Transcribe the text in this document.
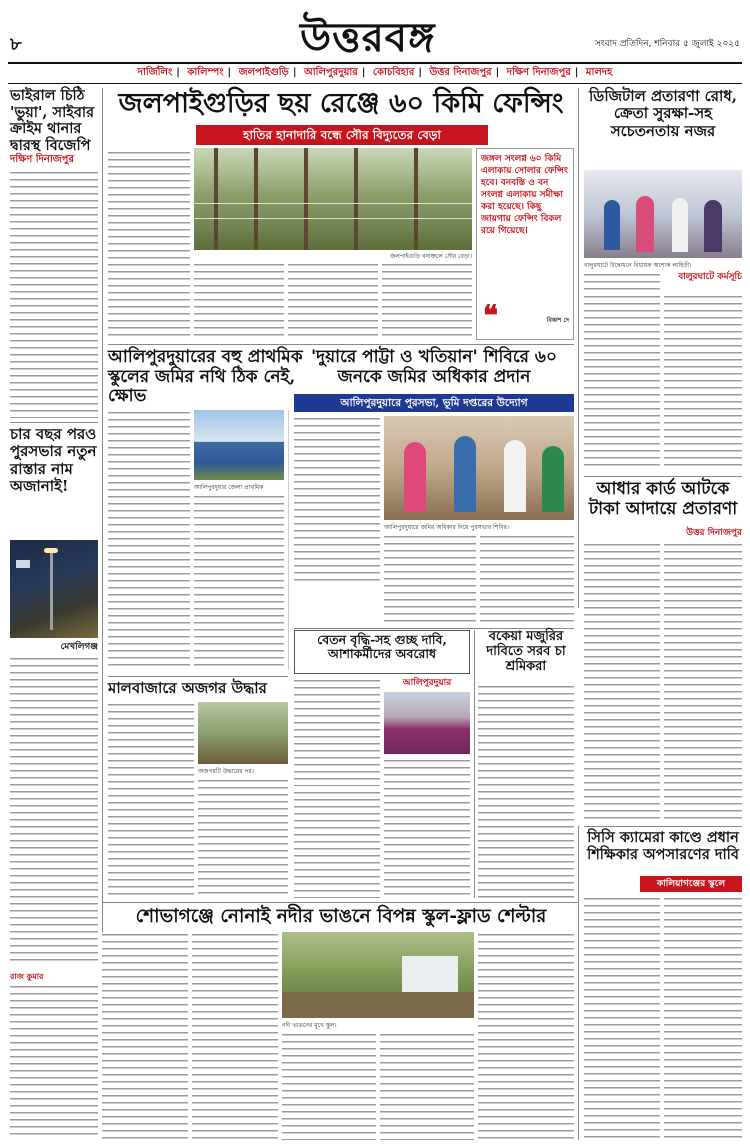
৮	উত্তরবঙ্গ	সংবাদ প্রতিদিন, শনিবার ৫ জুলাই ২০২৫
দার্জিলিং | কালিম্পং | জলপাইগুড়ি | আলিপুরদুয়ার | কোচবিহার | উত্তর দিনাজপুর | দক্ষিণ দিনাজপুর | মালদহ
ভাইরাল চিঠি 'ভুয়া', সাইবার ক্রাইম থানার দ্বারস্থ বিজেপি
দক্ষিণ দিনাজপুর
চার বছর পরও পুরসভার নতুন রাস্তার নাম অজানাই!
মেখলিগঞ্জ
জলপাইগুড়ির ছয় রেঞ্জে ৬০ কিমি ফেন্সিং
হাতির হানাদারি বন্ধে সৌর বিদ্যুতের বেড়া
জলপাইগুড়ি বনাঞ্চলে সৌর বেড়া।
জঙ্গল সংলগ্ন ৬০ কিমি এলাকায় সোলার ফেন্সিং হবে। বনবস্তি ও বন সংলগ্ন এলাকায় সমীক্ষা করা হয়েছে। কিছু জায়গায় ফেন্সিং বিকল রয়ে গিয়েছে।
❝	বিকাশ দে
ডিজিটাল প্রতারণা রোধ, ক্রেতা সুরক্ষা-সহ সচেতনতায় নজর
বালুরঘাটে উদ্বোধনে বিধায়ক অশোক লাহিড়ী।
বালুরঘাটে কর্মসূচি
আলিপুরদুয়ারের বহু প্রাথমিক স্কুলের জমির নথি ঠিক নেই, ক্ষোভ
আলিপুরদুয়ার জেলা প্রাথমিক
'দুয়ারে পাট্টা ও খতিয়ান' শিবিরে ৬০ জনকে জমির অধিকার প্রদান
আলিপুরদুয়ারে পুরসভা, ভূমি দপ্তরের উদ্যোগ
আলিপুরদুয়ারে জমির অধিকার দিয়ে পুরসভার শিবির।
আধার কার্ড আটকে টাকা আদায়ে প্রতারণা
উত্তর দিনাজপুর
বেতন বৃদ্ধি-সহ গুচ্ছ দাবি, আশাকর্মীদের অবরোধ
আলিপুরদুয়ার
বকেয়া মজুরির দাবিতে সরব চা শ্রমিকরা
মালবাজারে অজগর উদ্ধার
অজগরটি উদ্ধারের পর।
সিসি ক্যামেরা কাণ্ডে প্রধান শিক্ষিকার অপসারণের দাবি
কালিয়াগঞ্জের স্কুলে
শোভাগঞ্জে নোনাই নদীর ভাঙনে বিপন্ন স্কুল-ফ্লাড শেল্টার
রাজ কুমার
নদী ভাঙনের মুখে স্কুল।
